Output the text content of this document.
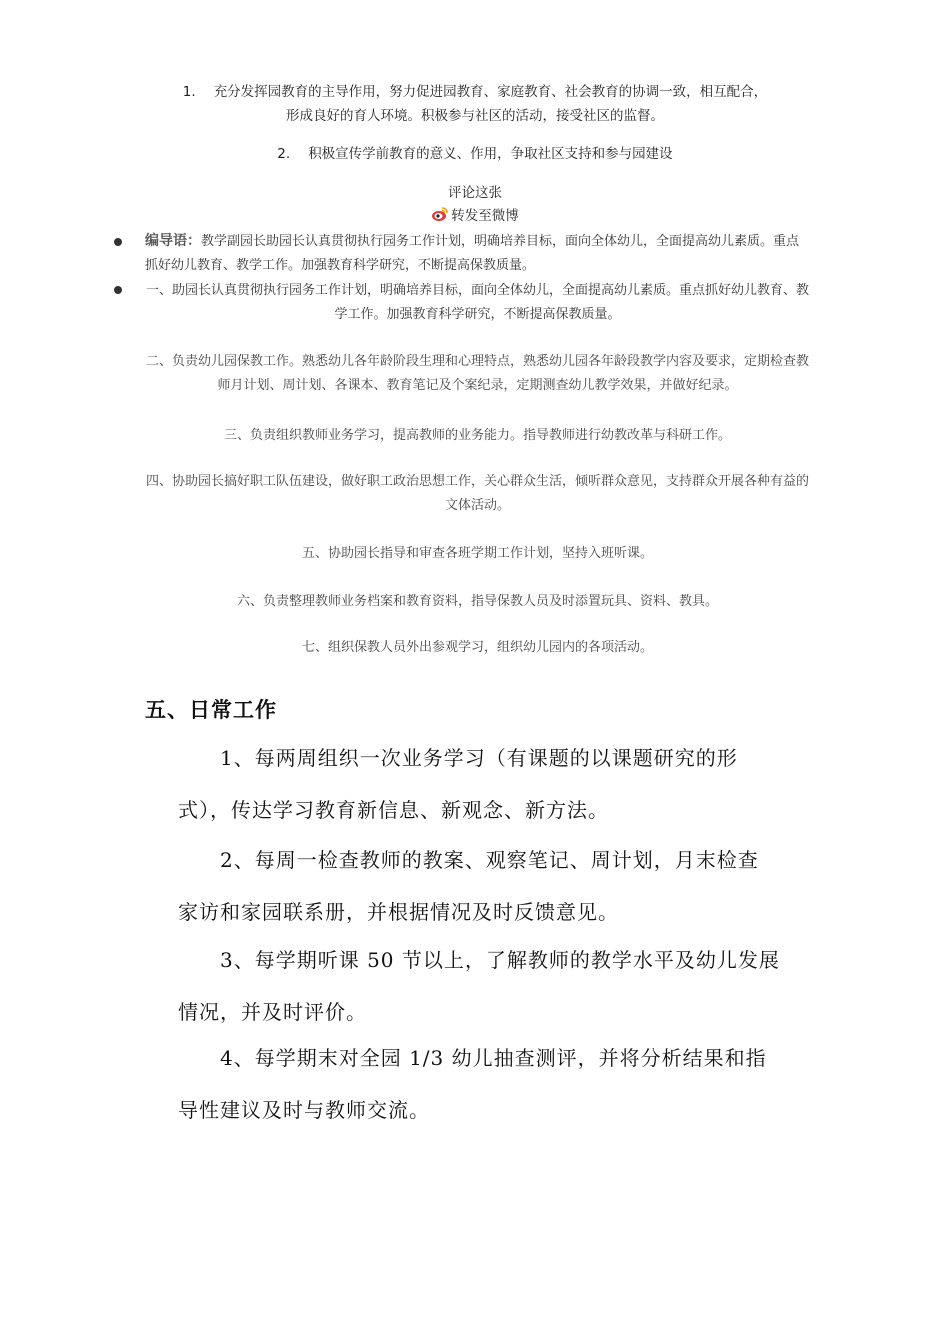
1. 充分发挥园教育的主导作用，努力促进园教育、家庭教育、社会教育的协调一致，相互配合，
形成良好的育人环境。积极参与社区的活动，接受社区的监督。
2. 积极宣传学前教育的意义、作用，争取社区支持和参与园建设
评论这张
转发至微博
编导语：教学副园长助园长认真贯彻执行园务工作计划，明确培养目标，面向全体幼儿，全面提高幼儿素质。重点抓好幼儿教育、教学工作。加强教育科学研究，不断提高保教质量。
一、助园长认真贯彻执行园务工作计划，明确培养目标，面向全体幼儿，全面提高幼儿素质。重点抓好幼儿教育、教学工作。加强教育科学研究，不断提高保教质量。
二、负责幼儿园保教工作。熟悉幼儿各年龄阶段生理和心理特点，熟悉幼儿园各年龄段教学内容及要求，定期检查教师月计划、周计划、各课本、教育笔记及个案纪录，定期测查幼儿教学效果，并做好纪录。
三、负责组织教师业务学习，提高教师的业务能力。指导教师进行幼教改革与科研工作。
四、协助园长搞好职工队伍建设，做好职工政治思想工作，关心群众生活，倾听群众意见，支持群众开展各种有益的文体活动。
五、协助园长指导和审查各班学期工作计划，坚持入班听课。
六、负责整理教师业务档案和教育资料，指导保教人员及时添置玩具、资料、教具。
七、组织保教人员外出参观学习，组织幼儿园内的各项活动。
五、日常工作
1、每两周组织一次业务学习（有课题的以课题研究的形
式），传达学习教育新信息、新观念、新方法。
2、每周一检查教师的教案、观察笔记、周计划，月末检查
家访和家园联系册，并根据情况及时反馈意见。
3、每学期听课 50 节以上，了解教师的教学水平及幼儿发展
情况，并及时评价。
4、每学期末对全园 1/3 幼儿抽查测评，并将分析结果和指
导性建议及时与教师交流。
